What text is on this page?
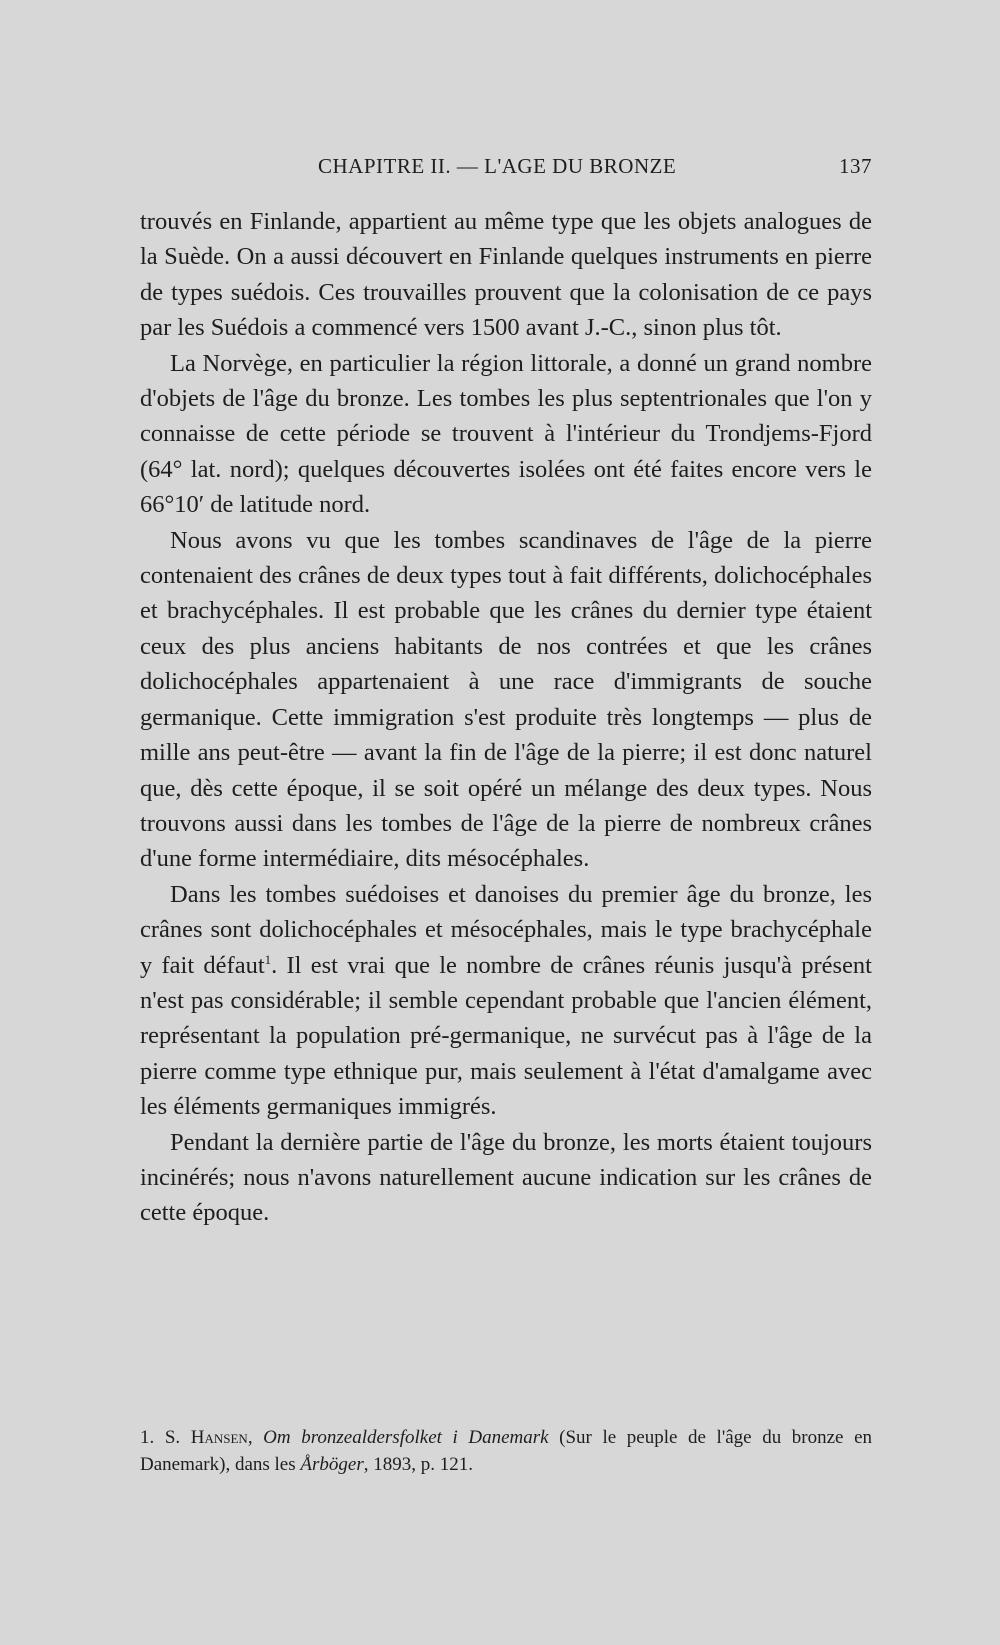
CHAPITRE II. — L'AGE DU BRONZE	137

trouvés en Finlande, appartient au même type que les objets analogues de la Suède. On a aussi découvert en Finlande quelques instruments en pierre de types suédois. Ces trouvailles prouvent que la colonisation de ce pays par les Suédois a commencé vers 1500 avant J.-C., sinon plus tôt.

La Norvège, en particulier la région littorale, a donné un grand nombre d'objets de l'âge du bronze. Les tombes les plus septentrionales que l'on y connaisse de cette période se trouvent à l'intérieur du Trondjems-Fjord (64° lat. nord); quelques découvertes isolées ont été faites encore vers le 66°10′ de latitude nord.

Nous avons vu que les tombes scandinaves de l'âge de la pierre contenaient des crânes de deux types tout à fait différents, dolichocéphales et brachycéphales. Il est probable que les crânes du dernier type étaient ceux des plus anciens habitants de nos contrées et que les crânes dolichocéphales appartenaient à une race d'immigrants de souche germanique. Cette immigration s'est produite très longtemps — plus de mille ans peut-être — avant la fin de l'âge de la pierre; il est donc naturel que, dès cette époque, il se soit opéré un mélange des deux types. Nous trouvons aussi dans les tombes de l'âge de la pierre de nombreux crânes d'une forme intermédiaire, dits mésocéphales.

Dans les tombes suédoises et danoises du premier âge du bronze, les crânes sont dolichocéphales et mésocéphales, mais le type brachycéphale y fait défaut$^1$. Il est vrai que le nombre de crânes réunis jusqu'à présent n'est pas considérable; il semble cependant probable que l'ancien élément, représentant la population pré-germanique, ne survécut pas à l'âge de la pierre comme type ethnique pur, mais seulement à l'état d'amalgame avec les éléments germaniques immigrés.

Pendant la dernière partie de l'âge du bronze, les morts étaient toujours incinérés; nous n'avons naturellement aucune indication sur les crânes de cette époque.

1. S. Hansen, Om bronzealdersfolket i Danemark (Sur le peuple de l'âge du bronze en Danemark), dans les Årböger, 1893, p. 121.
